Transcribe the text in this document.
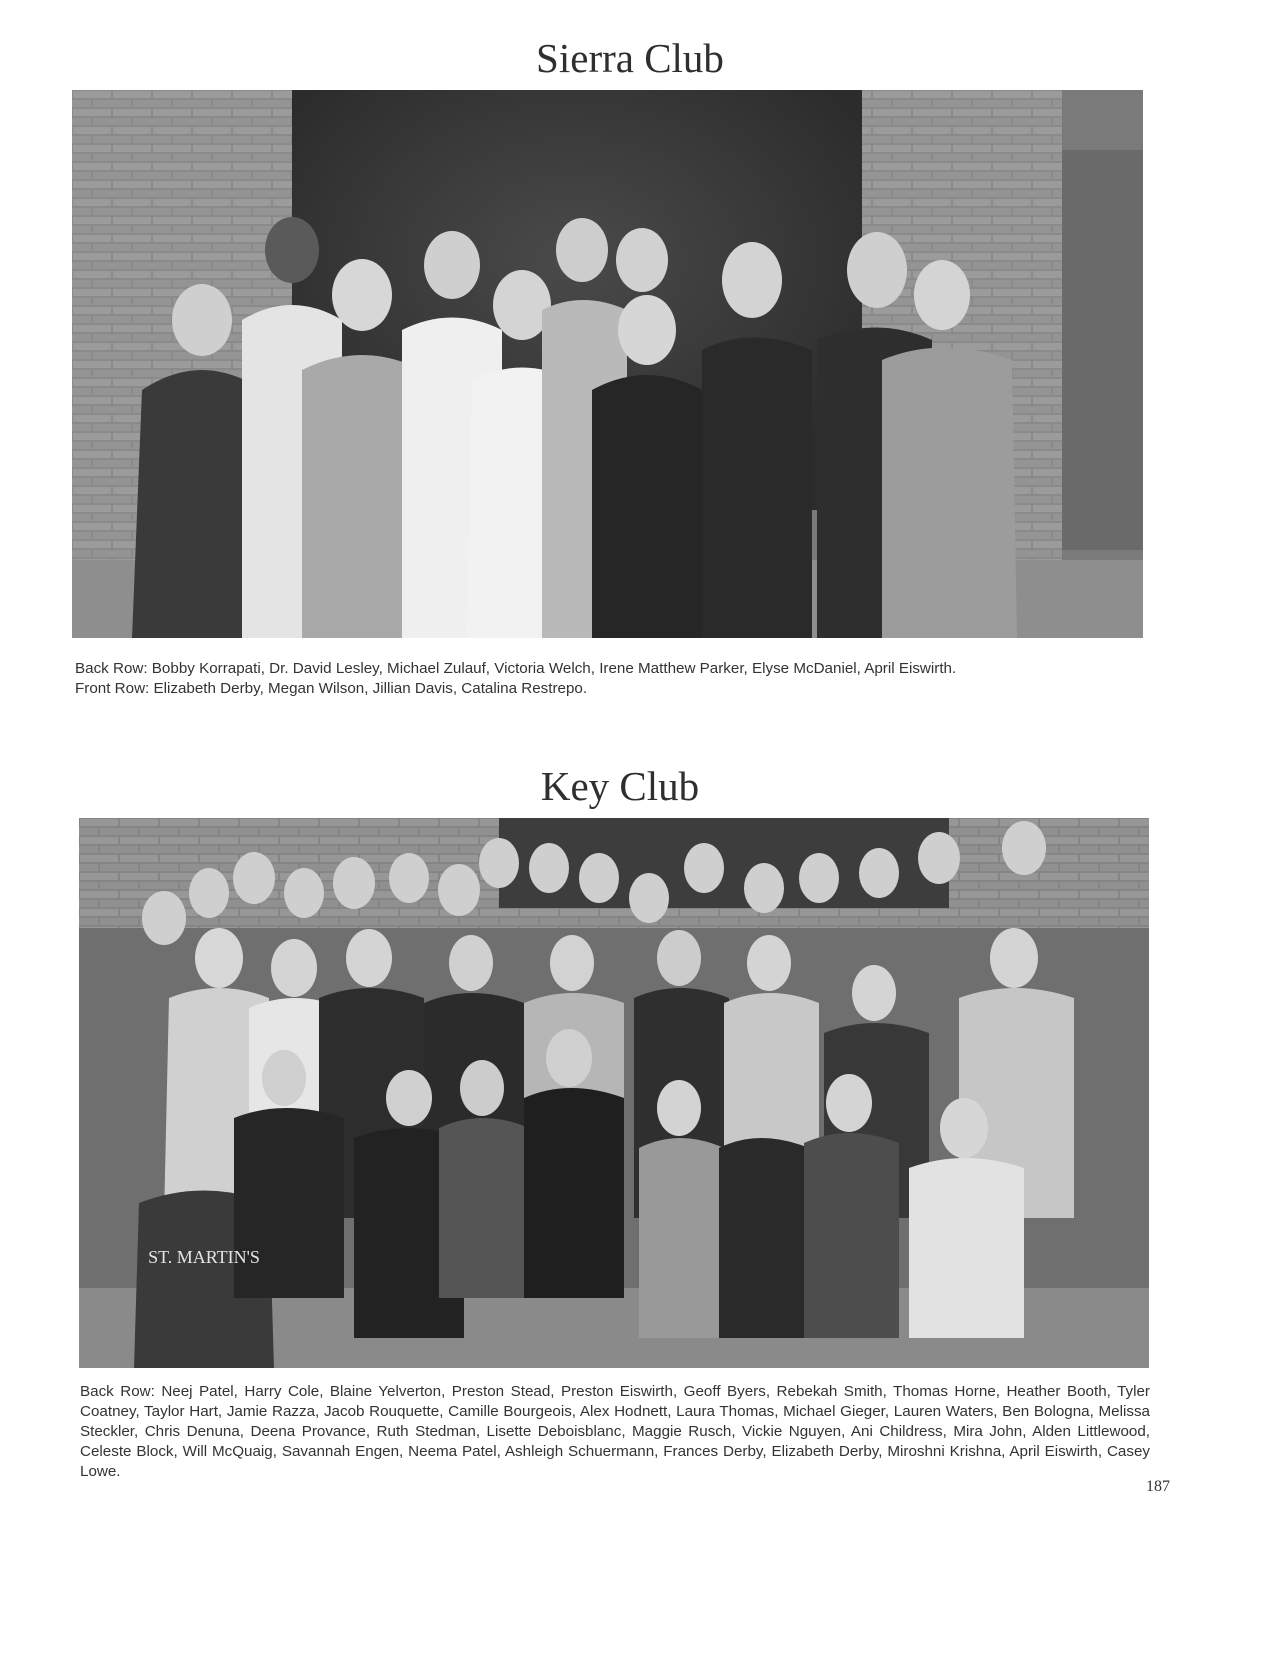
Sierra Club

Back Row: Bobby Korrapati, Dr. David Lesley, Michael Zulauf, Victoria Welch, Irene Matthew Parker, Elyse McDaniel, April Eiswirth.
Front Row: Elizabeth Derby, Megan Wilson, Jillian Davis, Catalina Restrepo.

Key Club
ST. MARTIN'S

Back Row: Neej Patel, Harry Cole, Blaine Yelverton, Preston Stead, Preston Eiswirth, Geoff Byers, Rebekah Smith, Thomas Horne, Heather Booth, Tyler Coatney, Taylor Hart, Jamie Razza, Jacob Rouquette, Camille Bourgeois, Alex Hodnett, Laura Thomas, Michael Gieger, Lauren Waters, Ben Bologna, Melissa Steckler, Chris Denuna, Deena Provance, Ruth Stedman, Lisette Deboisblanc, Maggie Rusch, Vickie Nguyen, Ani Childress, Mira John, Alden Littlewood, Celeste Block, Will McQuaig, Savannah Engen, Neema Patel, Ashleigh Schuermann, Frances Derby, Elizabeth Derby, Miroshni Krishna, April Eiswirth, Casey Lowe.

187
